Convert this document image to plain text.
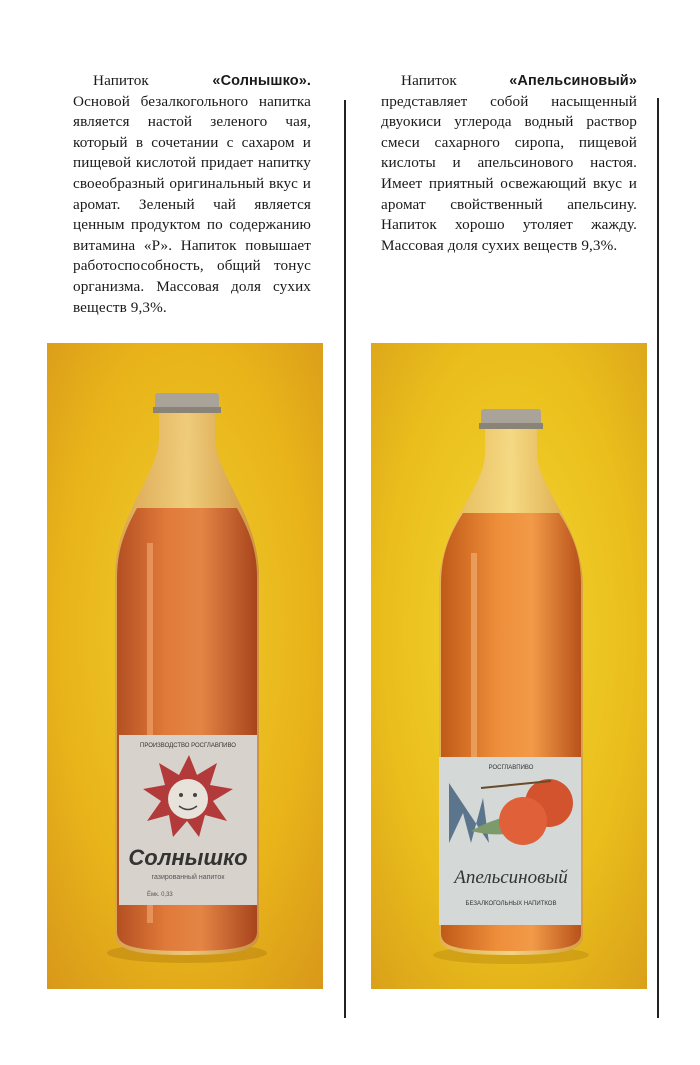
Напиток	«Солнышко». Основой безалкогольного напитка является настой зеленого чая, который в сочетании с сахаром и пищевой кислотой придает напитку своеобразный оригинальный вкус и аромат. Зеленый чай является ценным продуктом по содержанию витамина «Р». Напиток повышает работоспособность, общий тонус организма. Массовая доля сухих веществ 9,3%.
Напиток	«Апельсиновый» представляет собой насыщенный двуокиси углерода водный раствор смеси сахарного сиропа, пищевой кислоты и апельсинового настоя. Имеет приятный освежающий вкус и аромат свойственный апельсину. Напиток хорошо утоляет жажду. Массовая доля сухих веществ 9,3%.
ПРОИЗВОДСТВО РОСГЛАВПИВО
Солнышко
газированный напиток
Ёмк. 0,33
РОСГЛАВПИВО
Апельсиновый
БЕЗАЛКОГОЛЬНЫХ НАПИТКОВ
